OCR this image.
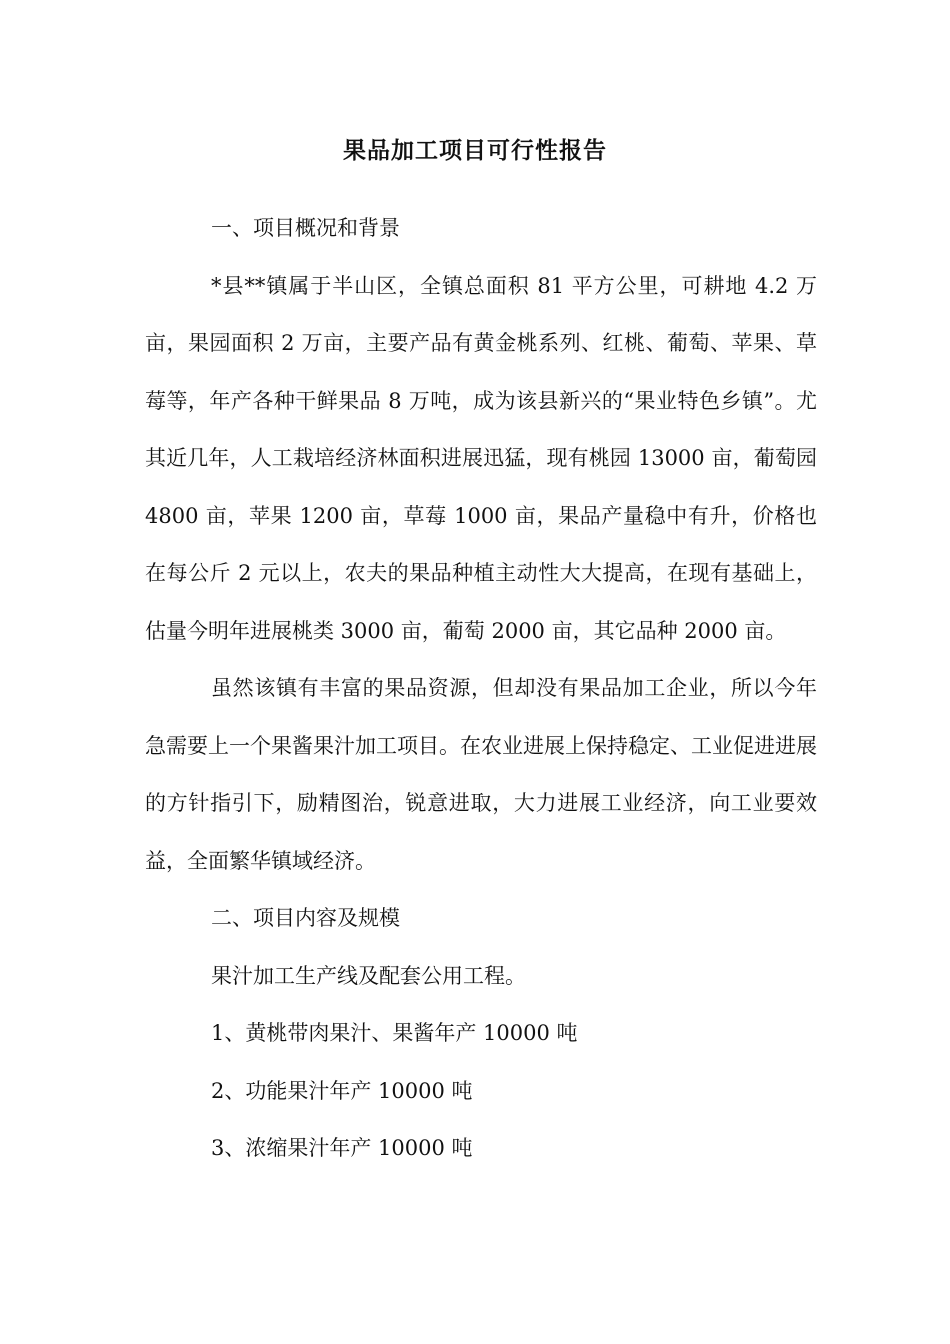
果品加工项目可行性报告

一、项目概况和背景

*县**镇属于半山区，全镇总面积 81 平方公里，可耕地 4.2 万亩，果园面积 2 万亩，主要产品有黄金桃系列、红桃、葡萄、苹果、草莓等，年产各种干鲜果品 8 万吨，成为该县新兴的“果业特色乡镇”。尤其近几年，人工栽培经济林面积进展迅猛，现有桃园 13000 亩，葡萄园 4800 亩，苹果 1200 亩，草莓 1000 亩，果品产量稳中有升，价格也在每公斤 2 元以上，农夫的果品种植主动性大大提高，在现有基础上，估量今明年进展桃类 3000 亩，葡萄 2000 亩，其它品种 2000 亩。

虽然该镇有丰富的果品资源，但却没有果品加工企业，所以今年急需要上一个果酱果汁加工项目。在农业进展上保持稳定、工业促进进展的方针指引下，励精图治，锐意进取，大力进展工业经济，向工业要效益，全面繁华镇域经济。

二、项目内容及规模

果汁加工生产线及配套公用工程。

1、黄桃带肉果汁、果酱年产 10000 吨

2、功能果汁年产 10000 吨

3、浓缩果汁年产 10000 吨
